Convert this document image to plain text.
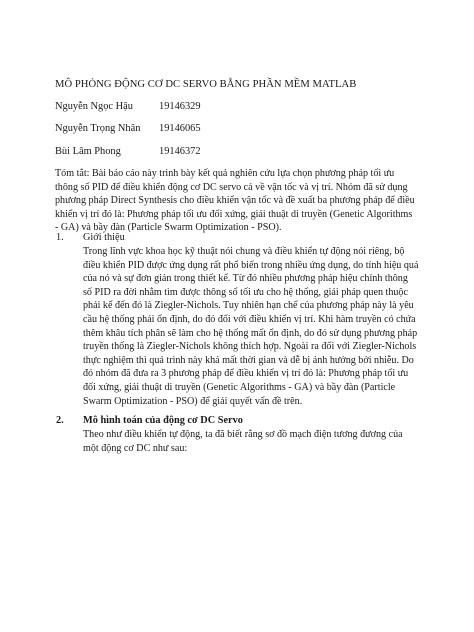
MÔ PHỎNG ĐỘNG CƠ DC SERVO BẰNG PHẦN MỀM MATLAB
Nguyễn Ngọc Hậu	19146329
Nguyễn Trọng Nhân 19146065
Bùi Lâm Phong	19146372
Tóm tắt: Bài báo cáo này trình bày kết quả nghiên cứu lựa chọn phương pháp tối ưu
thông số PID để điều khiển động cơ DC servo cả về vận tốc và vị trí. Nhóm đã sử dụng
phương pháp Direct Synthesis cho điều khiển vận tốc và đề xuất ba phương pháp để điều
khiển vị trí đó là: Phương pháp tối ưu đối xứng, giải thuật di truyền (Genetic Algorithms
- GA) và bầy đàn (Particle Swarm Optimization - PSO).
1. Giới thiệu
Trong lĩnh vực khoa học kỹ thuật nói chung và điều khiển tự động nói riêng, bộ
điều khiển PID được ứng dụng rất phổ biến trong nhiều ứng dụng, do tính hiệu quả
của nó và sự đơn giản trong thiết kế. Từ đó nhiều phương pháp hiệu chỉnh thông
số PID ra đời nhằm tìm được thông số tối ưu cho hệ thống, giải pháp quen thuộc
phải kể đến đó là Ziegler-Nichols. Tuy nhiên hạn chế của phương pháp này là yêu
cầu hệ thống phải ổn định, do đó đối với điều khiển vị trí. Khi hàm truyền có chứa
thêm khâu tích phân sẽ làm cho hệ thống mất ổn định, do đó sử dụng phương pháp
truyền thống là Ziegler-Nichols không thích hợp. Ngoài ra đối với Ziegler-Nichols
thực nghiệm thì quá trình này khá mất thời gian và dễ bị ảnh hưởng bởi nhiễu. Do
đó nhóm đã đưa ra 3 phương pháp để điều khiển vị trí đó là: Phương pháp tối ưu
đối xứng, giải thuật di truyền (Genetic Algorithms - GA) và bầy đàn (Particle
Swarm Optimization - PSO) để giải quyết vấn đề trên.
2. Mô hình toán của động cơ DC Servo
Theo như điều khiển tự động, ta đã biết rằng sơ đồ mạch điện tương đương của
một động cơ DC như sau:
